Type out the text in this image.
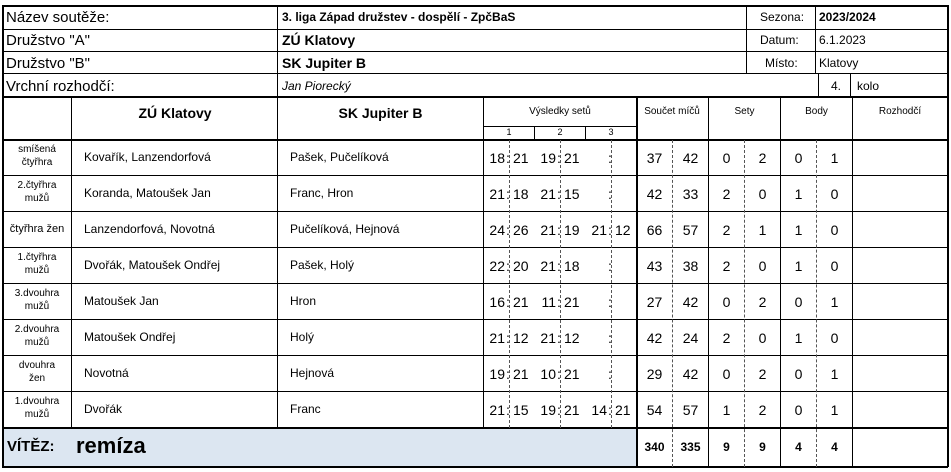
Název soutěže:	3. liga Západ družstev - dospělí - ZpčBaS	Sezona: 2023/2024
Družstvo "A"	ZÚ Klatovy	Datum: 6.1.2023
Družstvo "B"	SK Jupiter B	Místo: Klatovy
Vrchní rozhodčí:	Jan Piorecký	4. kolo
ZÚ Klatovy	SK Jupiter B	Výsledky setů
1	2	3
Součet míčů	Sety	Body	Rozhodčí
smíšená
čtyřhra	Kovařík, Lanzendorfová	Pašek, Pučelíková	18 : 21 19 : 21 :	37	42	0	2	0	1
2.čtyřhra
mužů	Koranda, Matoušek Jan	Franc, Hron	21 : 18 21 : 15 :	42	33	2	0	1	0
čtyřhra žen	Lanzendorfová, Novotná	Pučelíková, Hejnová	24 : 26 21 : 19 21 : 12	66	57	2	1	1	0
1.čtyřhra
mužů	Dvořák, Matoušek Ondřej	Pašek, Holý	22 : 20 21 : 18 :	43	38	2	0	1	0
3.dvouhra
mužů	Matoušek Jan	Hron	16 : 21 11 : 21 :	27	42	0	2	0	1
2.dvouhra
mužů	Matoušek Ondřej	Holý	21 : 12 21 : 12 :	42	24	2	0	1	0
dvouhra
žen	Novotná	Hejnová	19 : 21 10 : 21 :	29	42	0	2	0	1
1.dvouhra
mužů	Dvořák	Franc	21 : 15 19 : 21 14 : 21	54	57	1	2	0	1
VÍTĚZ: remíza	340	335	9	9	4	4
